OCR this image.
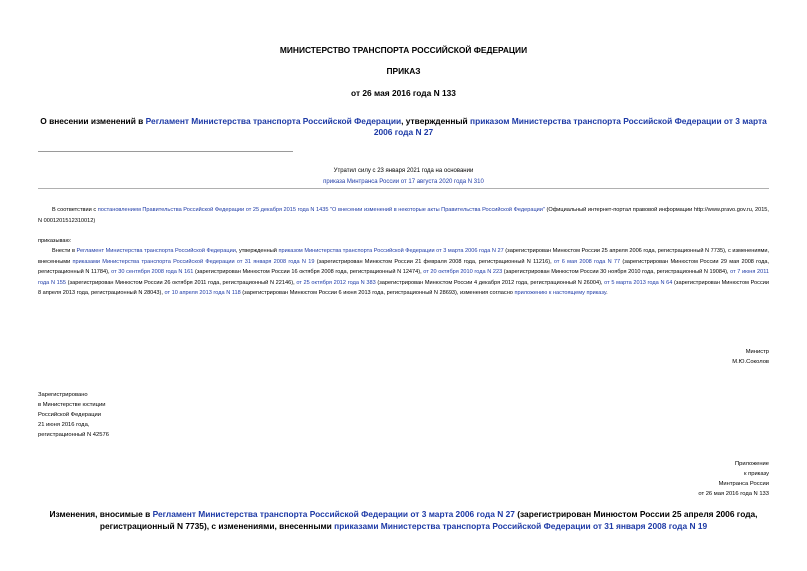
МИНИСТЕРСТВО ТРАНСПОРТА РОССИЙСКОЙ ФЕДЕРАЦИИ
ПРИКАЗ
от 26 мая 2016 года N 133
О внесении изменений в Регламент Министерства транспорта Российской Федерации, утвержденный приказом Министерства транспорта Российской Федерации от 3 марта 2006 года N 27
Утратил силу с 23 января 2021 года на основании
приказа Минтранса России от 17 августа 2020 года N 310
В соответствии с постановлением Правительства Российской Федерации от 25 декабря 2015 года N 1435 "О внесении изменений в некоторые акты Правительства Российской Федерации" (Официальный интернет-портал правовой информации http://www.pravo.gov.ru, 2015, N 0001201512310012)
приказываю:
Внести в Регламент Министерства транспорта Российской Федерации, утвержденный приказом Министерства транспорта Российской Федерации от 3 марта 2006 года N 27 (зарегистрирован Минюстом России 25 апреля 2006 года, регистрационный N 7735), с изменениями, внесенными приказами Министерства транспорта Российской Федерации от 31 января 2008 года N 19 (зарегистрирован Минюстом России 21 февраля 2008 года, регистрационный N 11216), от 6 мая 2008 года N 77 (зарегистрирован Минюстом России 29 мая 2008 года, регистрационный N 11784), от 30 сентября 2008 года N 161 (зарегистрирован Минюстом России 16 октября 2008 года, регистрационный N 12474), от 20 октября 2010 года N 223 (зарегистрирован Минюстом России 30 ноября 2010 года, регистрационный N 19084), от 7 июня 2011 года N 155 (зарегистрирован Минюстом России 26 октября 2011 года, регистрационный N 22146), от 25 октября 2012 года N 383 (зарегистрирован Минюстом России 4 декабря 2012 года, регистрационный N 26004), от 5 марта 2013 года N 64 (зарегистрирован Минюстом России 8 апреля 2013 года, регистрационный N 28043), от 10 апреля 2013 года N 118 (зарегистрирован Минюстом России 6 июня 2013 года, регистрационный N 28693), изменения согласно приложению к настоящему приказу.
Министр
М.Ю.Соколов
Зарегистрировано
в Министерстве юстиции
Российской Федерации
21 июня 2016 года,
регистрационный N 42576
Приложение
к приказу
Минтранса России
от 26 мая 2016 года N 133
Изменения, вносимые в Регламент Министерства транспорта Российской Федерации от 3 марта 2006 года N 27 (зарегистрирован Минюстом России 25 апреля 2006 года, регистрационный N 7735), с изменениями, внесенными приказами Министерства транспорта Российской Федерации от 31 января 2008 года N 19
